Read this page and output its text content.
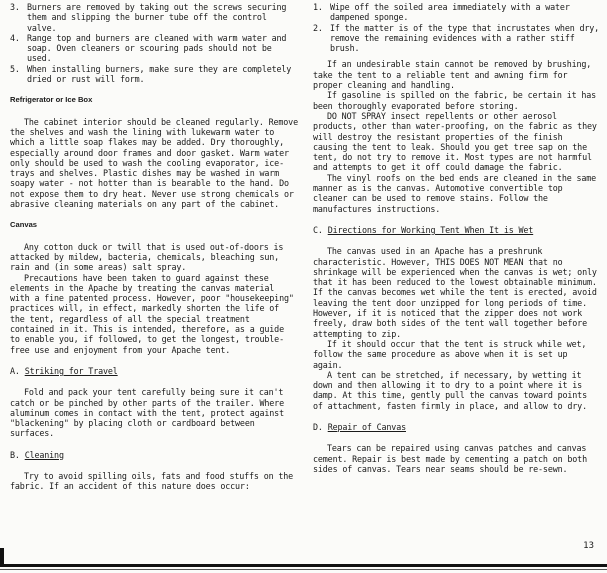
3. Burners are removed by taking out the screws securing them and slipping the burner tube off the control valve.
4. Range top and burners are cleaned with warm water and soap. Oven cleaners or scouring pads should not be used.
5. When installing burners, make sure they are completely dried or rust will form.
Refrigerator or Ice Box

The cabinet interior should be cleaned regularly. Remove the shelves and wash the lining with lukewarm water to which a little soap flakes may be added. Dry thoroughly, especially around door frames and door gasket. Warm water only should be used to wash the cooling evaporator, ice-trays and shelves. Plastic dishes may be washed in warm soapy water - not hotter than is bearable to the hand. Do not expose them to dry heat. Never use strong chemicals or abrasive cleaning materials on any part of the cabinet.

Canvas

Any cotton duck or twill that is used out-of-doors is attacked by mildew, bacteria, chemicals, bleaching sun, rain and (in some areas) salt spray.

Precautions have been taken to guard against these elements in the Apache by treating the canvas material with a fine patented process. However, poor "housekeeping" practices will, in effect, markedly shorten the life of the tent, regardless of all the special treatment contained in it. This is intended, therefore, as a guide to enable you, if followed, to get the longest, trouble-free use and enjoyment from your Apache tent.

A. Striking for Travel

Fold and pack your tent carefully being sure it can't catch or be pinched by other parts of the trailer. Where aluminum comes in contact with the tent, protect against "blackening" by placing cloth or cardboard between surfaces.

B. Cleaning

Try to avoid spilling oils, fats and food stuffs on the fabric. If an accident of this nature does occur:

1. Wipe off the soiled area immediately with a water dampened sponge.
2. If the matter is of the type that incrustates when dry, remove the remaining evidences with a rather stiff brush.

If an undesirable stain cannot be removed by brushing, take the tent to a reliable tent and awning firm for proper cleaning and handling.

If gasoline is spilled on the fabric, be certain it has been thoroughly evaporated before storing.

DO NOT SPRAY insect repellents or other aerosol products, other than water-proofing, on the fabric as they will destroy the resistant properties of the finish causing the tent to leak. Should you get tree sap on the tent, do not try to remove it. Most types are not harmful and attempts to get it off could damage the fabric.

The vinyl roofs on the bed ends are cleaned in the same manner as is the canvas. Automotive convertible top cleaner can be used to remove stains. Follow the manufactures instructions.

C. Directions for Working Tent When It is Wet

The canvas used in an Apache has a preshrunk characteristic. However, THIS DOES NOT MEAN that no shrinkage will be experienced when the canvas is wet; only that it has been reduced to the lowest obtainable minimum. If the canvas becomes wet while the tent is erected, avoid leaving the tent door unzipped for long periods of time. However, if it is noticed that the zipper does not work freely, draw both sides of the tent wall together before attempting to zip.

If it should occur that the tent is struck while wet, follow the same procedure as above when it is set up again.

A tent can be stretched, if necessary, by wetting it down and then allowing it to dry to a point where it is damp. At this time, gently pull the canvas toward points of attachment, fasten firmly in place, and allow to dry.

D. Repair of Canvas

Tears can be repaired using canvas patches and canvas cement. Repair is best made by cementing a patch on both sides of canvas. Tears near seams should be re-sewn.

13
